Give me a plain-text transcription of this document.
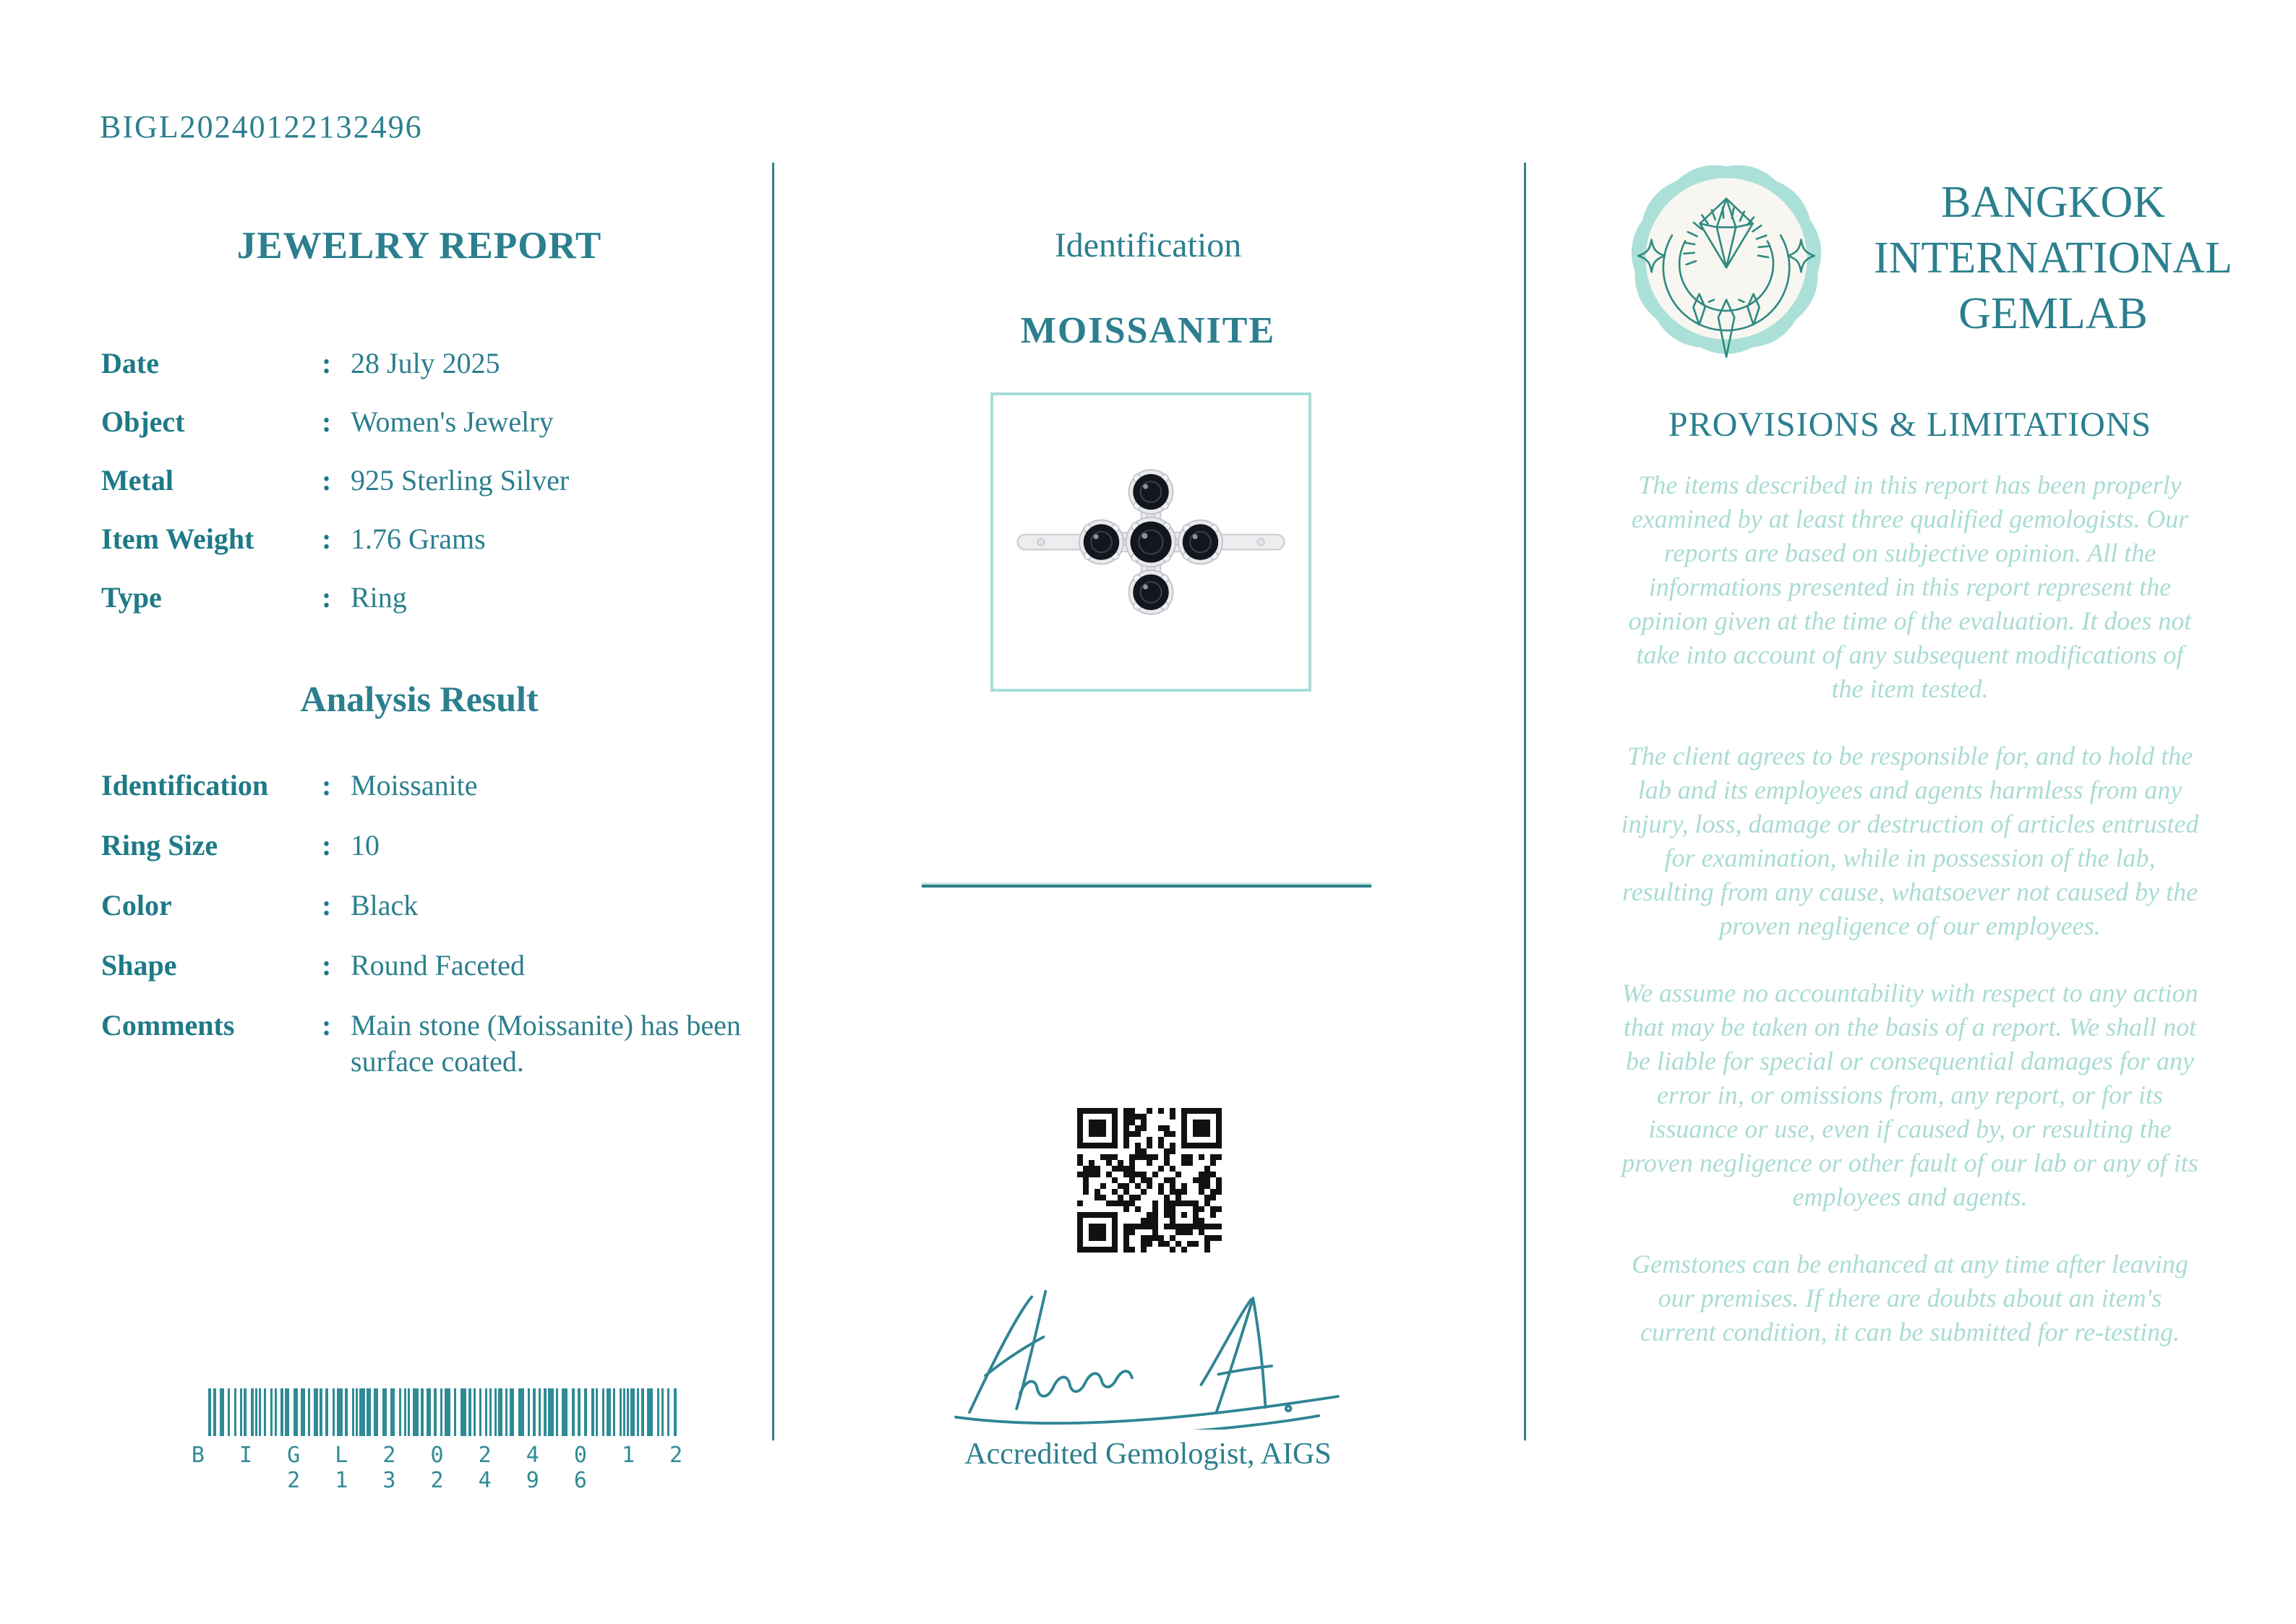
BIGL20240122132496
JEWELRY REPORT
Date	: 28 July 2025
Object	: Women's Jewelry
Metal	: 925 Sterling Silver
Item Weight	: 1.76 Grams
Type	: Ring
Analysis Result
Identification	: Moissanite
Ring Size	: 10
Color	: Black
Shape	: Round Faceted
Comments	: Main stone (Moissanite) has been surface coated.
B I G L 2 0 2 4 0 1 2 2 1 3 2 4 9 6
Identification
MOISSANITE
Accredited Gemologist, AIGS
BANGKOK
INTERNATIONAL
GEMLAB
PROVISIONS & LIMITATIONS

The items described in this report has been properly examined by at least three qualified gemologists. Our reports are based on subjective opinion. All the informations presented in this report represent the opinion given at the time of the evaluation. It does not take into account of any subsequent modifications of the item tested.

The client agrees to be responsible for, and to hold the lab and its employees and agents harmless from any injury, loss, damage or destruction of articles entrusted for examination, while in possession of the lab, resulting from any cause, whatsoever not caused by the proven negligence of our employees.

We assume no accountability with respect to any action that may be taken on the basis of a report. We shall not be liable for special or consequential damages for any error in, or omissions from, any report, or for its issuance or use, even if caused by, or resulting the proven negligence or other fault of our lab or any of its employees and agents.

Gemstones can be enhanced at any time after leaving our premises. If there are doubts about an item's current condition, it can be submitted for re-testing.
